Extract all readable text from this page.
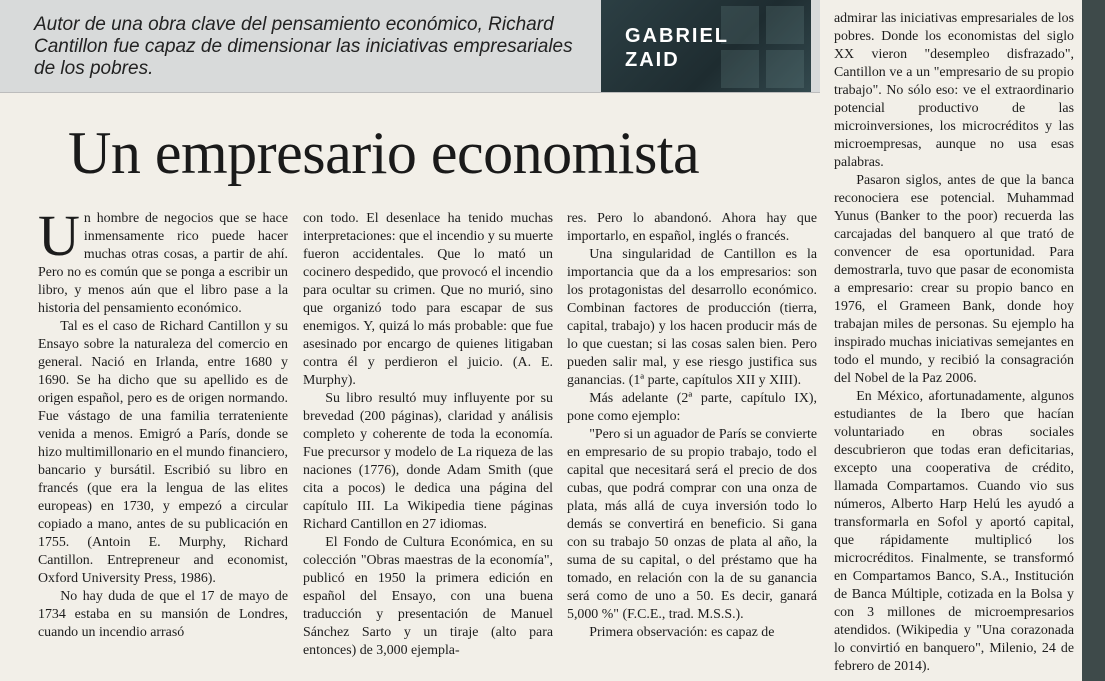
Autor de una obra clave del pensamiento económico, Richard Cantillon fue capaz de dimensionar las iniciativas empresariales de los pobres.

GABRIEL
ZAID

Un empresario economista

Un hombre de negocios que se hace inmensamente rico puede hacer muchas otras cosas, a partir de ahí. Pero no es común que se ponga a escribir un libro, y menos aún que el libro pase a la historia del pensamiento económico.

Tal es el caso de Richard Cantillon y su Ensayo sobre la naturaleza del comercio en general. Nació en Irlanda, entre 1680 y 1690. Se ha dicho que su apellido es de origen español, pero es de origen normando. Fue vástago de una familia terrateniente venida a menos. Emigró a París, donde se hizo multimillonario en el mundo financiero, bancario y bursátil. Escribió su libro en francés (que era la lengua de las elites europeas) en 1730, y empezó a circular copiado a mano, antes de su publicación en 1755. (Antoin E. Murphy, Richard Cantillon. Entrepreneur and economist, Oxford University Press, 1986).

No hay duda de que el 17 de mayo de 1734 estaba en su mansión de Londres, cuando un incendio arrasó

con todo. El desenlace ha tenido muchas interpretaciones: que el incendio y su muerte fueron accidentales. Que lo mató un cocinero despedido, que provocó el incendio para ocultar su crimen. Que no murió, sino que organizó todo para escapar de sus enemigos. Y, quizá lo más probable: que fue asesinado por encargo de quienes litigaban contra él y perdieron el juicio. (A. E. Murphy).

Su libro resultó muy influyente por su brevedad (200 páginas), claridad y análisis completo y coherente de toda la economía. Fue precursor y modelo de La riqueza de las naciones (1776), donde Adam Smith (que cita a pocos) le dedica una página del capítulo III. La Wikipedia tiene páginas Richard Cantillon en 27 idiomas.

El Fondo de Cultura Económica, en su colección "Obras maestras de la economía", publicó en 1950 la primera edición en español del Ensayo, con una buena traducción y presentación de Manuel Sánchez Sarto y un tiraje (alto para entonces) de 3,000 ejempla-

res. Pero lo abandonó. Ahora hay que importarlo, en español, inglés o francés.

Una singularidad de Cantillon es la importancia que da a los empresarios: son los protagonistas del desarrollo económico. Combinan factores de producción (tierra, capital, trabajo) y los hacen producir más de lo que cuestan; si las cosas salen bien. Pero pueden salir mal, y ese riesgo justifica sus ganancias. (1ª parte, capítulos XII y XIII).

Más adelante (2ª parte, capítulo IX), pone como ejemplo:

"Pero si un aguador de París se convierte en empresario de su propio trabajo, todo el capital que necesitará será el precio de dos cubas, que podrá comprar con una onza de plata, más allá de cuya inversión todo lo demás se convertirá en beneficio. Si gana con su trabajo 50 onzas de plata al año, la suma de su capital, o del préstamo que ha tomado, en relación con la de su ganancia será como de uno a 50. Es decir, ganará 5,000 %" (F.C.E., trad. M.S.S.).

Primera observación: es capaz de

admirar las iniciativas empresariales de los pobres. Donde los economistas del siglo XX vieron "desempleo disfrazado", Cantillon ve a un "empresario de su propio trabajo". No sólo eso: ve el extraordinario potencial productivo de las microinversiones, los microcréditos y las microempresas, aunque no usa esas palabras.

Pasaron siglos, antes de que la banca reconociera ese potencial. Muhammad Yunus (Banker to the poor) recuerda las carcajadas del banquero al que trató de convencer de esa oportunidad. Para demostrarla, tuvo que pasar de economista a empresario: crear su propio banco en 1976, el Grameen Bank, donde hoy trabajan miles de personas. Su ejemplo ha inspirado muchas iniciativas semejantes en todo el mundo, y recibió la consagración del Nobel de la Paz 2006.

En México, afortunadamente, algunos estudiantes de la Ibero que hacían voluntariado en obras sociales descubrieron que todas eran deficitarias, excepto una cooperativa de crédito, llamada Compartamos. Cuando vio sus números, Alberto Harp Helú les ayudó a transformarla en Sofol y aportó capital, que rápidamente multiplicó los microcréditos. Finalmente, se transformó en Compartamos Banco, S.A., Institución de Banca Múltiple, cotizada en la Bolsa y con 3 millones de microempresarios atendidos. (Wikipedia y "Una corazonada lo convirtió en banquero", Milenio, 24 de febrero de 2014).
